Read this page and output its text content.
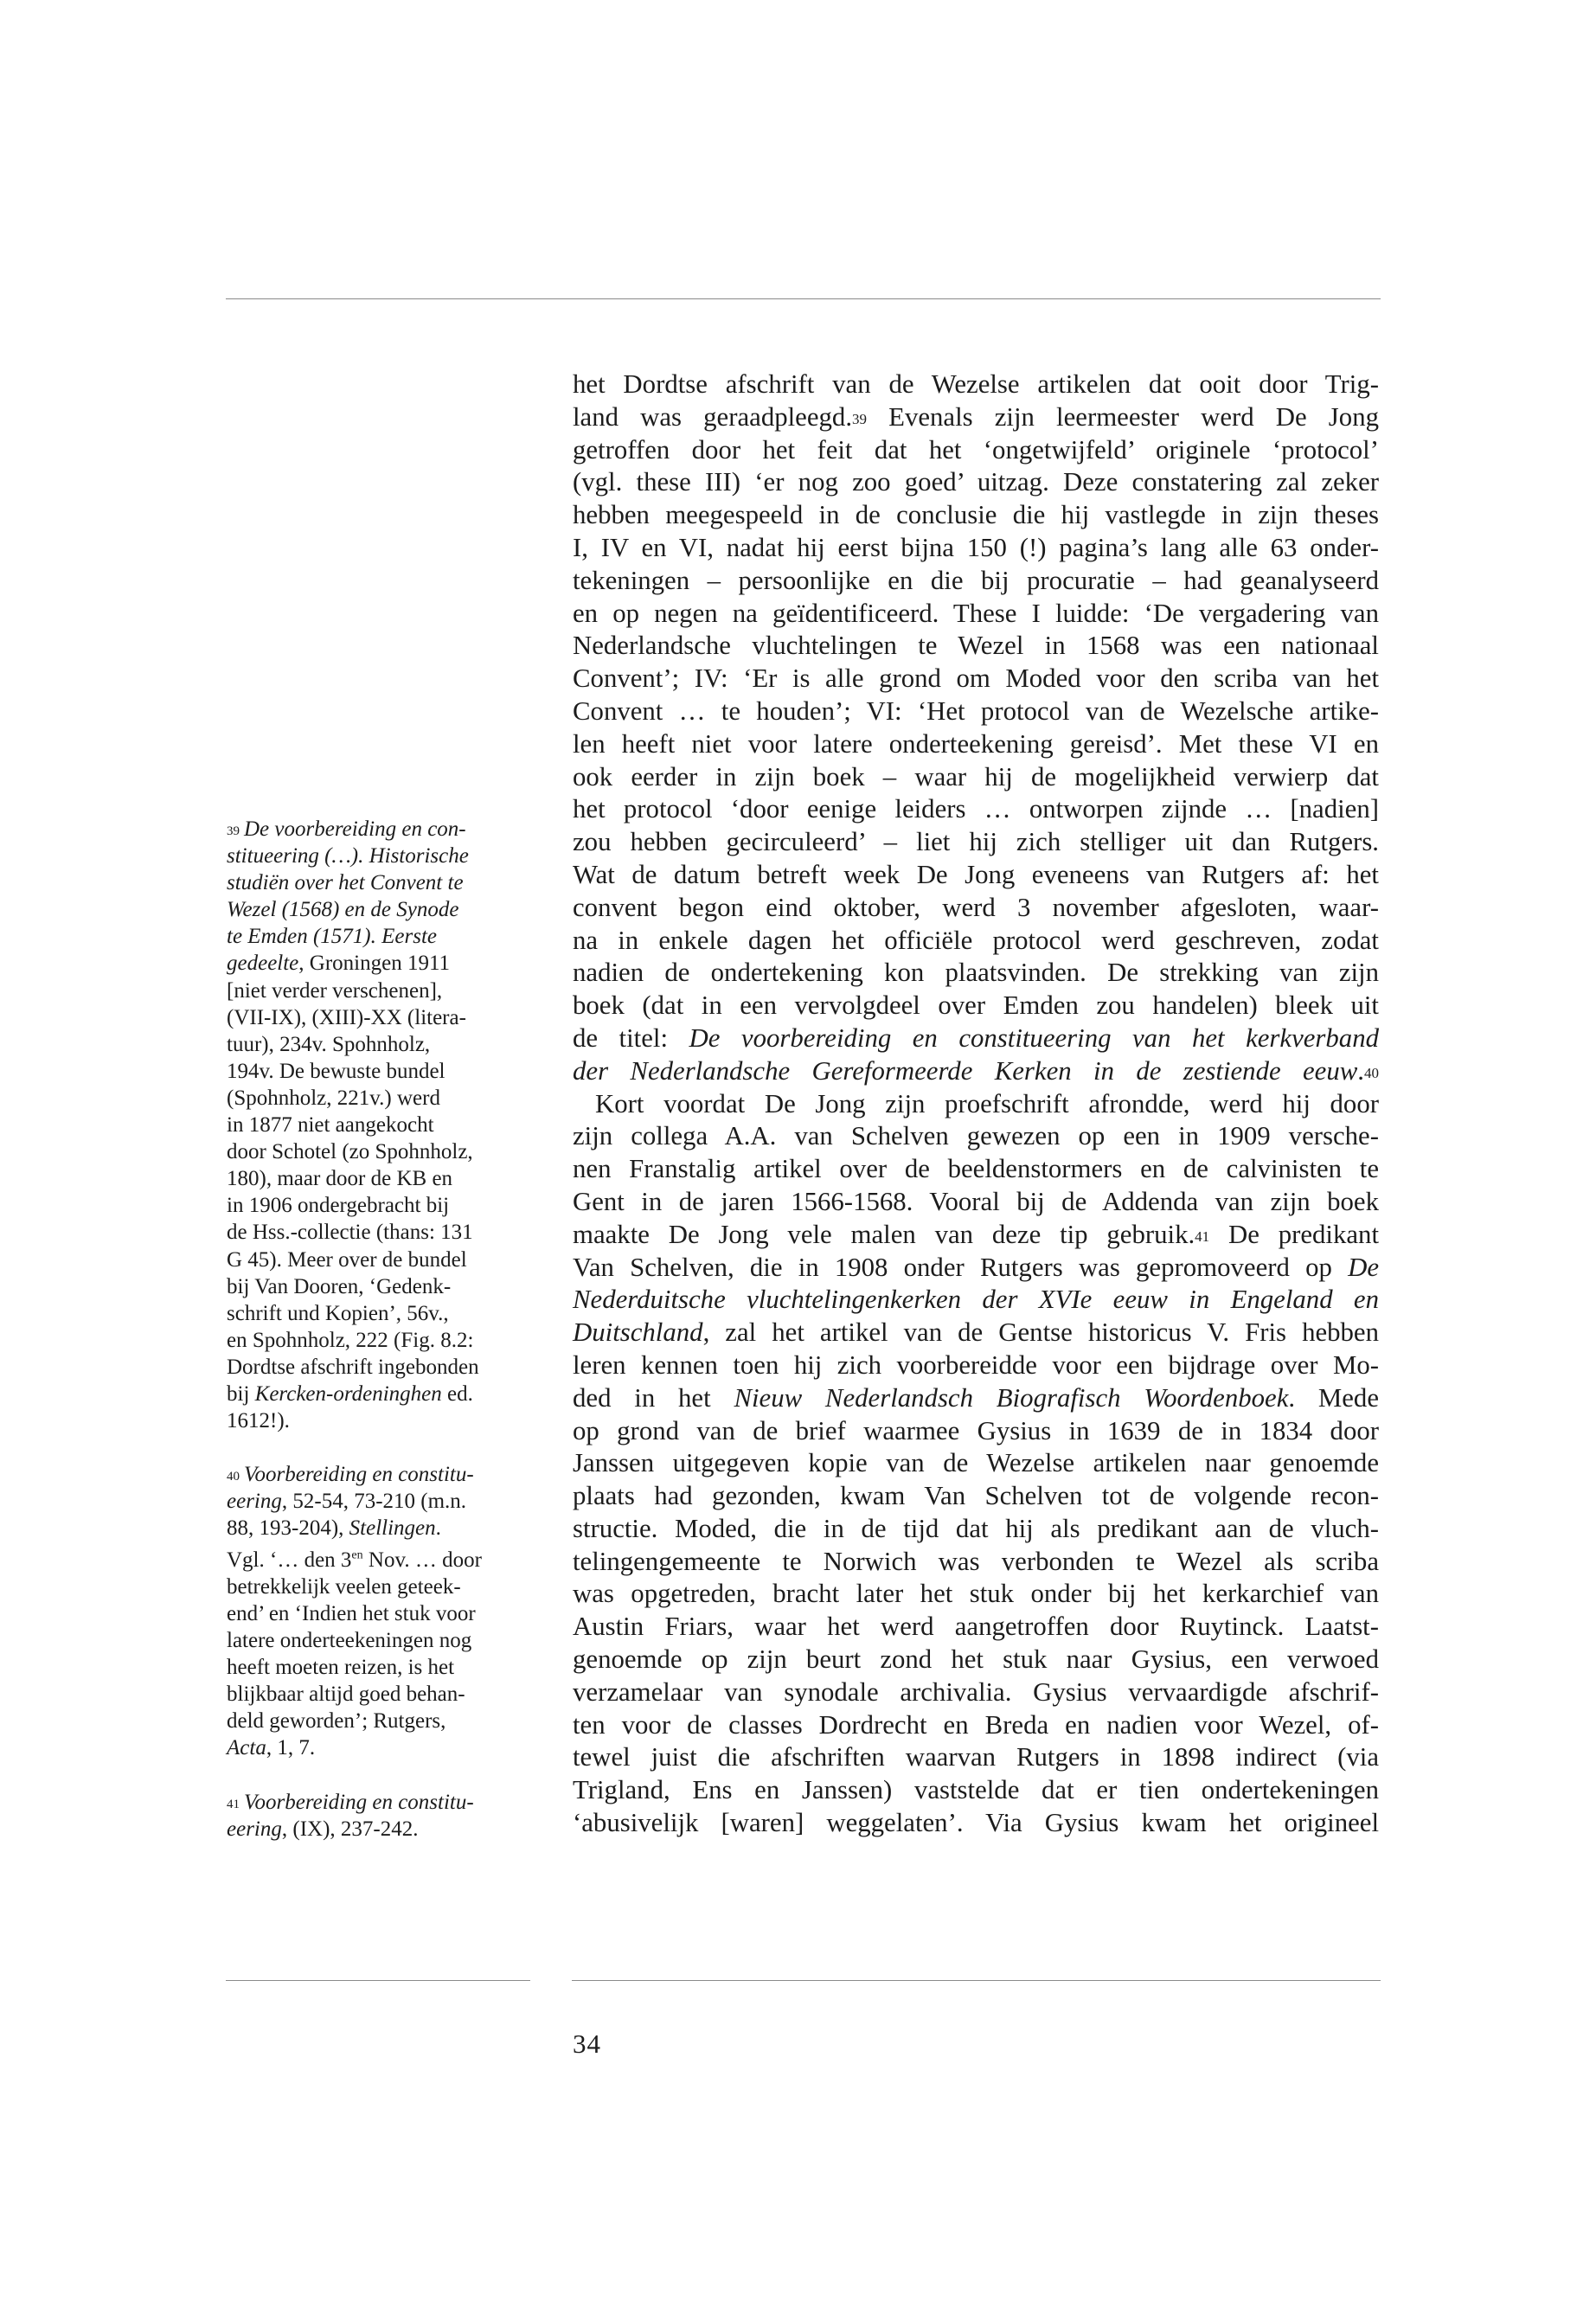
$^{39}$ De voorbereiding en con-
stitueering (…). Historische
studiën over het Convent te
Wezel (1568) en de Synode
te Emden (1571). Eerste
gedeelte, Groningen 1911
[niet verder verschenen],
(VII-IX), (XIII)-XX (litera-
tuur), 234v. Spohnholz,
194v. De bewuste bundel
(Spohnholz, 221v.) werd
in 1877 niet aangekocht
door Schotel (zo Spohnholz,
180), maar door de KB en
in 1906 ondergebracht bij
de Hss.-collectie (thans: 131
G 45). Meer over de bundel
bij Van Dooren, ‘Gedenk-
schrift und Kopien’, 56v.,
en Spohnholz, 222 (Fig. 8.2:
Dordtse afschrift ingebonden
bij Kercken-ordeninghen ed.
1612!).
$^{40}$ Voorbereiding en constitu-
eering, 52-54, 73-210 (m.n.
88, 193-204), Stellingen.
Vgl. ‘… den $3^{en}$ Nov. … door
betrekkelijk veelen geteek-
end’ en ‘Indien het stuk voor
latere onderteekeningen nog
heeft moeten reizen, is het
blijkbaar altijd goed behan-
deld geworden’; Rutgers,
Acta, 1, 7.
$^{41}$ Voorbereiding en constitu-
eering, (IX), 237-242.

het Dordtse afschrift van de Wezelse artikelen dat ooit door Trig-
land was geraadpleegd.$^{39}$ Evenals zijn leermeester werd De Jong
getroffen door het feit dat het ‘ongetwijfeld’ originele ‘protocol’
(vgl. these III) ‘er nog zoo goed’ uitzag. Deze constatering zal zeker
hebben meegespeeld in de conclusie die hij vastlegde in zijn theses
I, IV en VI, nadat hij eerst bijna 150 (!) pagina’s lang alle 63 onder-
tekeningen – persoonlijke en die bij procuratie – had geanalyseerd
en op negen na geïdentificeerd. These I luidde: ‘De vergadering van
Nederlandsche vluchtelingen te Wezel in 1568 was een nationaal
Convent’; IV: ‘Er is alle grond om Moded voor den scriba van het
Convent … te houden’; VI: ‘Het protocol van de Wezelsche artike-
len heeft niet voor latere onderteekening gereisd’. Met these VI en
ook eerder in zijn boek – waar hij de mogelijkheid verwierp dat
het protocol ‘door eenige leiders … ontworpen zijnde … [nadien]
zou hebben gecirculeerd’ – liet hij zich stelliger uit dan Rutgers.
Wat de datum betreft week De Jong eveneens van Rutgers af: het
convent begon eind oktober, werd 3 november afgesloten, waar-
na in enkele dagen het officiële protocol werd geschreven, zodat
nadien de ondertekening kon plaatsvinden. De strekking van zijn
boek (dat in een vervolgdeel over Emden zou handelen) bleek uit
de titel: De voorbereiding en constitueering van het kerkverband
der Nederlandsche Gereformeerde Kerken in de zestiende eeuw.$^{40}$

Kort voordat De Jong zijn proefschrift afrondde, werd hij door
zijn collega A.A. van Schelven gewezen op een in 1909 versche-
nen Franstalig artikel over de beeldenstormers en de calvinisten te
Gent in de jaren 1566-1568. Vooral bij de Addenda van zijn boek
maakte De Jong vele malen van deze tip gebruik.$^{41}$ De predikant
Van Schelven, die in 1908 onder Rutgers was gepromoveerd op De
Nederduitsche vluchtelingenkerken der XVIe eeuw in Engeland en
Duitschland, zal het artikel van de Gentse historicus V. Fris hebben
leren kennen toen hij zich voorbereidde voor een bijdrage over Mo-
ded in het Nieuw Nederlandsch Biografisch Woordenboek. Mede
op grond van de brief waarmee Gysius in 1639 de in 1834 door
Janssen uitgegeven kopie van de Wezelse artikelen naar genoemde
plaats had gezonden, kwam Van Schelven tot de volgende recon-
structie. Moded, die in de tijd dat hij als predikant aan de vluch-
telingengemeente te Norwich was verbonden te Wezel als scriba
was opgetreden, bracht later het stuk onder bij het kerkarchief van
Austin Friars, waar het werd aangetroffen door Ruytinck. Laatst-
genoemde op zijn beurt zond het stuk naar Gysius, een verwoed
verzamelaar van synodale archivalia. Gysius vervaardigde afschrif-
ten voor de classes Dordrecht en Breda en nadien voor Wezel, of-
tewel juist die afschriften waarvan Rutgers in 1898 indirect (via
Trigland, Ens en Janssen) vaststelde dat er tien ondertekeningen
‘abusivelijk [waren] weggelaten’. Via Gysius kwam het origineel

34
